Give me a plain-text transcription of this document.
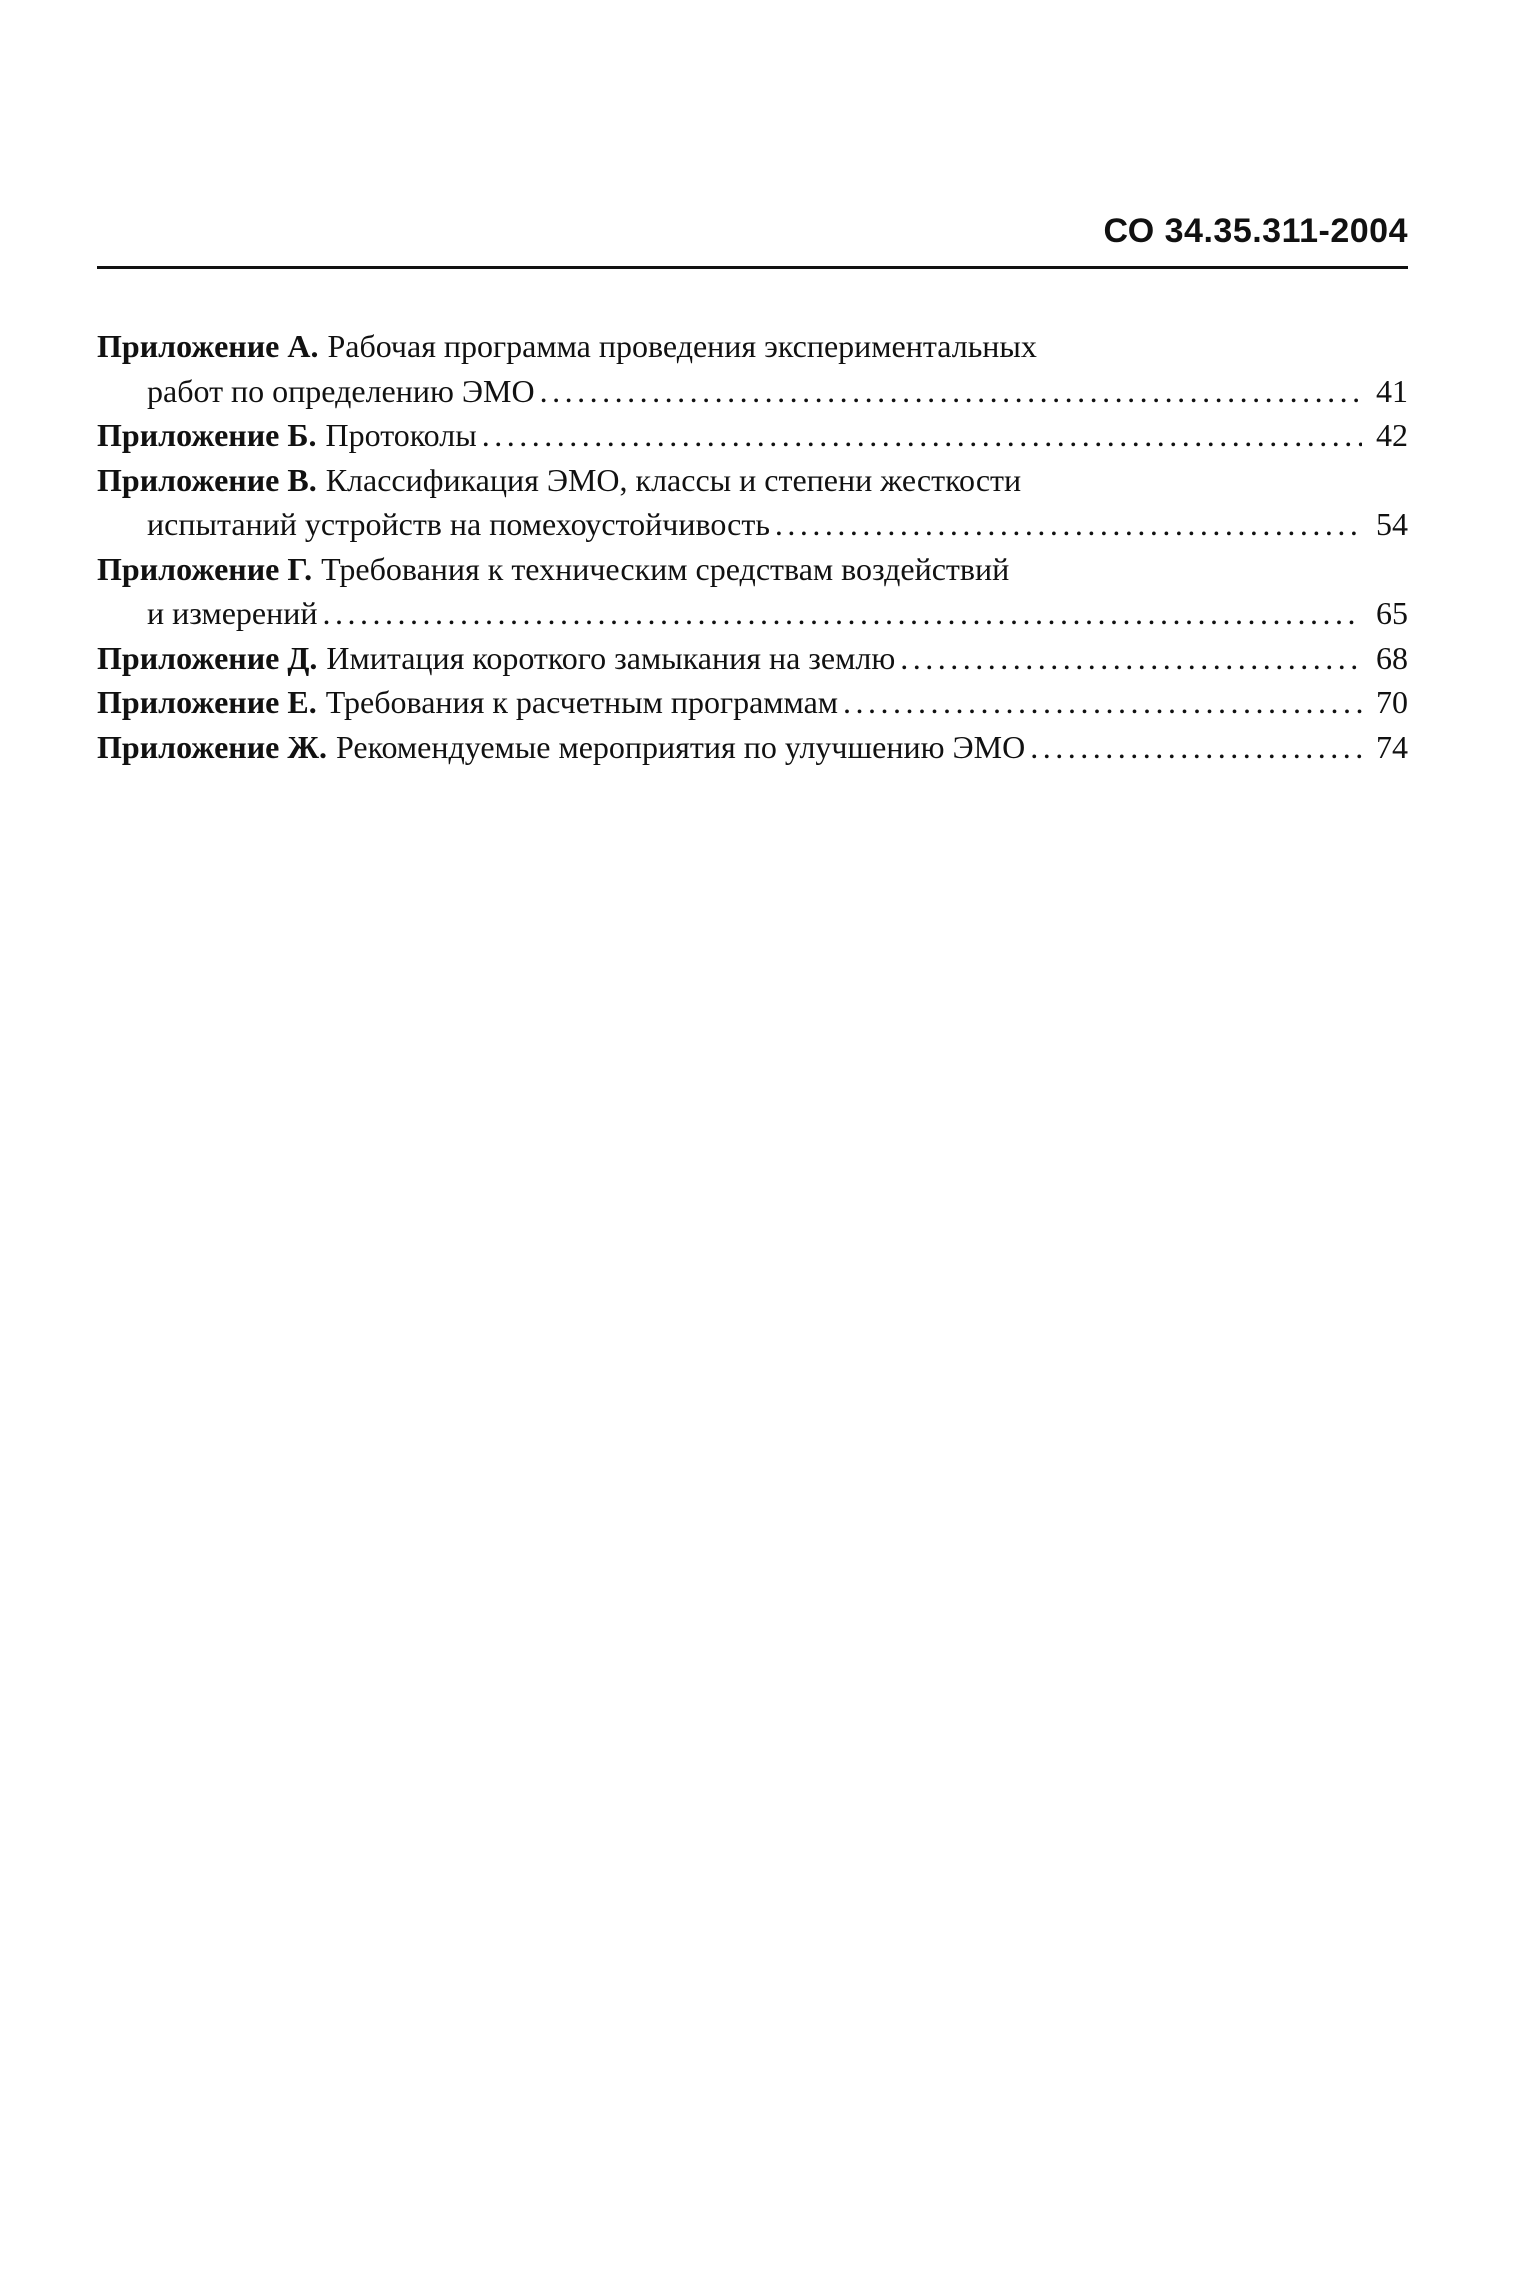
СО 34.35.311-2004
Приложение А. Рабочая программа проведения экспериментальных
работ по определению ЭМО .....	41
Приложение Б. Протоколы .....	42
Приложение В. Классификация ЭМО, классы и степени жесткости
испытаний устройств на помехоустойчивость .....	54
Приложение Г. Требования к техническим средствам воздействий
и измерений .....	65
Приложение Д. Имитация короткого замыкания на землю .....	68
Приложение Е. Требования к расчетным программам .....	70
Приложение Ж. Рекомендуемые мероприятия по улучшению ЭМО .....	74
